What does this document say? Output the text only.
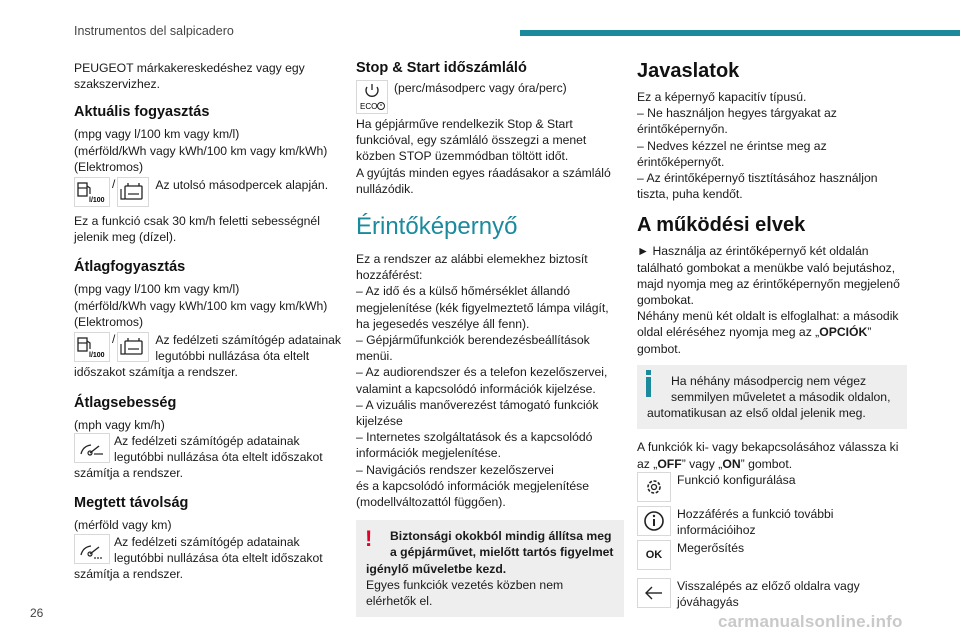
Instrumentos del salpicadero

PEUGEOT márkakereskedéshez vagy egy

szakszervizhez.

Aktuális fogyasztás

(mpg vagy l/100 km vagy km/l)

(mérföld/kWh vagy kWh/100 km vagy km/kWh)

(Elektromos)

l/100
/	Az utolsó másodpercek alapján.

Ez a funkció csak 30 km/h feletti sebességnél

jelenik meg (dízel).

Átlagfogyasztás

(mpg vagy l/100 km vagy km/l)

(mérföld/kWh vagy kWh/100 km vagy km/kWh)

(Elektromos)

l/100
/	Az fedélzeti számítógép adatainak

legutóbbi nullázása óta eltelt

időszakot számítja a rendszer.

Átlagsebesség

(mph vagy km/h)

Az fedélzeti számítógép adatainak

legutóbbi nullázása óta eltelt időszakot

számítja a rendszer.

Megtett távolság

(mérföld vagy km)

Az fedélzeti számítógép adatainak

legutóbbi nullázása óta eltelt időszakot

számítja a rendszer.

Stop & Start időszámláló
ECO

(perc/másodperc vagy óra/perc)

Ha gépjárműve rendelkezik Stop & Start

funkcióval, egy számláló összegzi a menet

közben STOP üzemmódban töltött időt.

A gyújtás minden egyes ráadásakor a számláló

nullázódik.

Érintőképernyő

Ez a rendszer az alábbi elemekhez biztosít

hozzáférést:

– Az idő és a külső hőmérséklet állandó

megjelenítése (kék figyelmeztető lámpa világít,

ha jegesedés veszélye áll fenn).

– Gépjárműfunkciók berendezésbeállítások

menüi.

– Az audiorendszer és a telefon kezelőszervei,

valamint a kapcsolódó információk kijelzése.

– A vizuális manőverezést támogató funkciók

kijelzése

– Internetes szolgáltatások és a kapcsolódó

információk megjelenítése.

– Navigációs rendszer kezelőszervei

és a kapcsolódó információk megjelenítése

(modellváltozattól függően).

!	Biztonsági okokból mindig állítsa meg

a gépjárművet, mielőtt tartós figyelmet

igénylő műveletbe kezd.

Egyes funkciók vezetés közben nem

elérhetők el.

Javaslatok

Ez a képernyő kapacitív típusú.

– Ne használjon hegyes tárgyakat az

érintőképernyőn.

– Nedves kézzel ne érintse meg az

érintőképernyőt.

– Az érintőképernyő tisztításához használjon

tiszta, puha kendőt.

A működési elvek

► Használja az érintőképernyő két oldalán

található gombokat a menükbe való bejutáshoz,

majd nyomja meg az érintőképernyőn megjelenő

gombokat.

Néhány menü két oldalt is elfoglalhat: a második

oldal eléréséhez nyomja meg az „OPCIÓK”

gombot.

Ha néhány másodpercig nem végez

semmilyen műveletet a második oldalon,

automatikusan az első oldal jelenik meg.

A funkciók ki- vagy bekapcsolásához válassza ki

az „OFF” vagy „ON” gombot.

Funkció konfigurálása

Hozzáférés a funkció további

információihoz

OK	Megerősítés

Visszalépés az előző oldalra vagy

jóváhagyás

26	carmanualsonline.info
